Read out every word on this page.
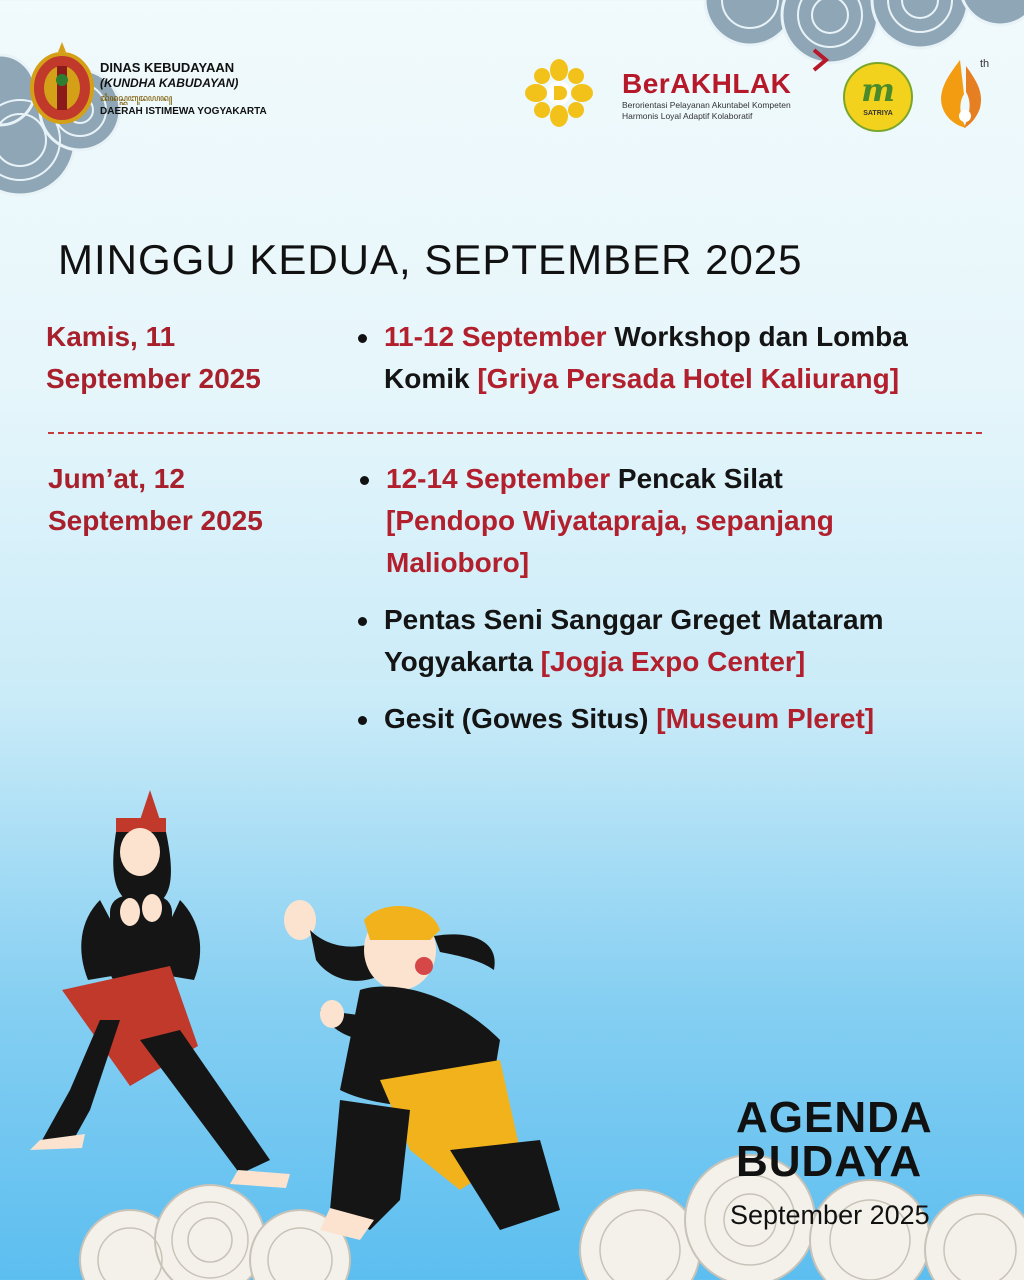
DINAS KEBUDAYAAN
(KUNDHA KABUDAYAN)
ꦢꦶꦤꦱ꧀ꦏꦧꦸꦢꦪꦤ꧀
DAERAH ISTIMEWA YOGYAKARTA
BerAKHLAK
Berorientasi Pelayanan Akuntabel Kompeten
Harmonis Loyal Adaptif Kolaboratif
m
SATRIYA
th
MINGGU KEDUA, SEPTEMBER 2025
Kamis, 11
September 2025
11-12 September Workshop dan Lomba
Komik [Griya Persada Hotel Kaliurang]
Jum’at, 12
September 2025
12-14 September Pencak Silat
[Pendopo Wiyatapraja, sepanjang
Malioboro]
Pentas Seni Sanggar Greget Mataram
Yogyakarta [Jogja Expo Center]
Gesit (Gowes Situs) [Museum Pleret]
AGENDA
BUDAYA
September 2025
